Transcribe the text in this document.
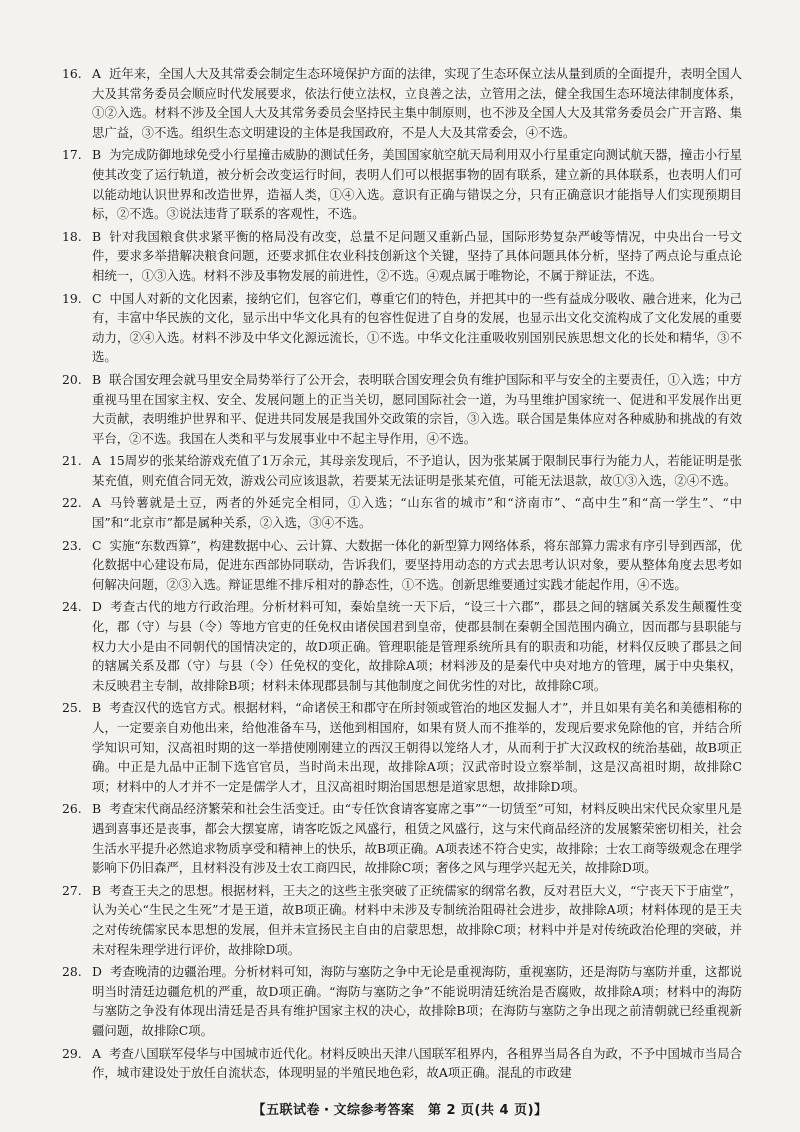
16. A 近年来，全国人大及其常委会制定生态环境保护方面的法律，实现了生态环保立法从量到质的全面提升，表明全国人大及其常务委员会顺应时代发展要求，依法行使立法权，立良善之法，立管用之法，健全我国生态环境法律制度体系，①②入选。材料不涉及全国人大及其常务委员会坚持民主集中制原则，也不涉及全国人大及其常务委员会广开言路、集思广益，③不选。组织生态文明建设的主体是我国政府，不是人大及其常委会，④不选。
17. B 为完成防御地球免受小行星撞击威胁的测试任务，美国国家航空航天局利用双小行星重定向测试航天器，撞击小行星使其改变了运行轨道，被分析会改变运行时间，表明人们可以根据事物的固有联系，建立新的具体联系，也表明人们可以能动地认识世界和改造世界，造福人类，①④入选。意识有正确与错误之分，只有正确意识才能指导人们实现预期目标，②不选。③说法违背了联系的客观性，不选。
18. B 针对我国粮食供求紧平衡的格局没有改变，总量不足问题又重新凸显，国际形势复杂严峻等情况，中央出台一号文件，要求多举措解决粮食问题，还要求抓住农业科技创新这个关键，坚持了具体问题具体分析，坚持了两点论与重点论相统一，①③入选。材料不涉及事物发展的前进性，②不选。④观点属于唯物论，不属于辩证法，不选。
19. C 中国人对新的文化因素，接纳它们，包容它们，尊重它们的特色，并把其中的一些有益成分吸收、融合进来，化为己有，丰富中华民族的文化，显示出中华文化具有的包容性促进了自身的发展，也显示出文化交流构成了文化发展的重要动力，②④入选。材料不涉及中华文化源远流长，①不选。中华文化注重吸收别国别民族思想文化的长处和精华，③不选。
20. B 联合国安理会就马里安全局势举行了公开会，表明联合国安理会负有维护国际和平与安全的主要责任，①入选；中方重视马里在国家主权、安全、发展问题上的正当关切，愿同国际社会一道，为马里维护国家统一、促进和平发展作出更大贡献，表明维护世界和平、促进共同发展是我国外交政策的宗旨，③入选。联合国是集体应对各种威胁和挑战的有效平台，②不选。我国在人类和平与发展事业中不起主导作用，④不选。
21. A 15周岁的张某给游戏充值了1万余元，其母亲发现后，不予追认，因为张某属于限制民事行为能力人，若能证明是张某充值，则充值合同无效，游戏公司应该退款，若要某无法证明是张某充值，可能无法退款，故①③入选，②④不选。
22. A 马铃薯就是土豆，两者的外延完全相同，①入选；“山东省的城市”和“济南市”、“高中生”和“高一学生”、“中国”和“北京市”都是属种关系，②入选，③④不选。
23. C 实施“东数西算”，构建数据中心、云计算、大数据一体化的新型算力网络体系，将东部算力需求有序引导到西部，优化数据中心建设布局，促进东西部协同联动，告诉我们，要坚持用动态的方式去思考认识对象，要从整体角度去思考如何解决问题，②③入选。辩证思维不排斥相对的静态性，①不选。创新思维要通过实践才能起作用，④不选。
24. D 考查古代的地方行政治理。分析材料可知，秦始皇统一天下后，“设三十六郡”，郡县之间的辖属关系发生颠覆性变化，郡（守）与县（令）等地方官吏的任免权由诸侯国君到皇帝，使郡县制在秦朝全国范围内确立，因而郡与县职能与权力大小是由不同朝代的国情决定的，故D项正确。管理职能是管理系统所具有的职责和功能，材料仅反映了郡县之间的辖属关系及郡（守）与县（令）任免权的变化，故排除A项；材料涉及的是秦代中央对地方的管理，属于中央集权，未反映君主专制，故排除B项；材料未体现郡县制与其他制度之间优劣性的对比，故排除C项。
25. B 考查汉代的选官方式。根据材料，“命诸侯王和郡守在所封领或管治的地区发掘人才”，并且如果有美名和美德相称的人，一定要亲自劝他出来，给他准备车马，送他到相国府，如果有贤人而不推举的，发现后要求免除他的官，并结合所学知识可知，汉高祖时期的这一举措使刚刚建立的西汉王朝得以笼络人才，从而利于扩大汉政权的统治基础，故B项正确。中正是九品中正制下选官官员，当时尚未出现，故排除A项；汉武帝时设立察举制，这是汉高祖时期，故排除C项；材料中的人才并不一定是儒学人才，且汉高祖时期治国思想是道家思想，故排除D项。
26. B 考查宋代商品经济繁荣和社会生活变迁。由“专任饮食请客宴席之事”“一切赁至”可知，材料反映出宋代民众家里凡是遇到喜事还是丧事，都会大摆宴席，请客吃饭之风盛行，租赁之风盛行，这与宋代商品经济的发展繁荣密切相关，社会生活水平提升必然追求物质享受和精神上的快乐，故B项正确。A项表述不符合史实，故排除；士农工商等级观念在理学影响下仍旧森严，且材料没有涉及士农工商四民，故排除C项；奢侈之风与理学兴起无关，故排除D项。
27. B 考查王夫之的思想。根据材料，王夫之的这些主张突破了正统儒家的纲常名教，反对君臣大义，“宁丧天下于庙堂”，认为关心“生民之生死”才是王道，故B项正确。材料中未涉及专制统治阻碍社会进步，故排除A项；材料体现的是王夫之对传统儒家民本思想的发展，但并未宣扬民主自由的启蒙思想，故排除C项；材料中并是对传统政治伦理的突破，并未对程朱理学进行评价，故排除D项。
28. D 考查晚清的边疆治理。分析材料可知，海防与塞防之争中无论是重视海防，重视塞防，还是海防与塞防并重，这都说明当时清廷边疆危机的严重，故D项正确。“海防与塞防之争”不能说明清廷统治是否腐败，故排除A项；材料中的海防与塞防之争没有体现出清廷是否具有维护国家主权的决心，故排除B项；在海防与塞防之争出现之前清朝就已经重视新疆问题，故排除C项。
29. A 考查八国联军侵华与中国城市近代化。材料反映出天津八国联军租界内，各租界当局各自为政，不予中国城市当局合作，城市建设处于放任自流状态，体现明显的半殖民地色彩，故A项正确。混乱的市政建
【五联试卷・文综参考答案　第 2 页(共 4 页)】
